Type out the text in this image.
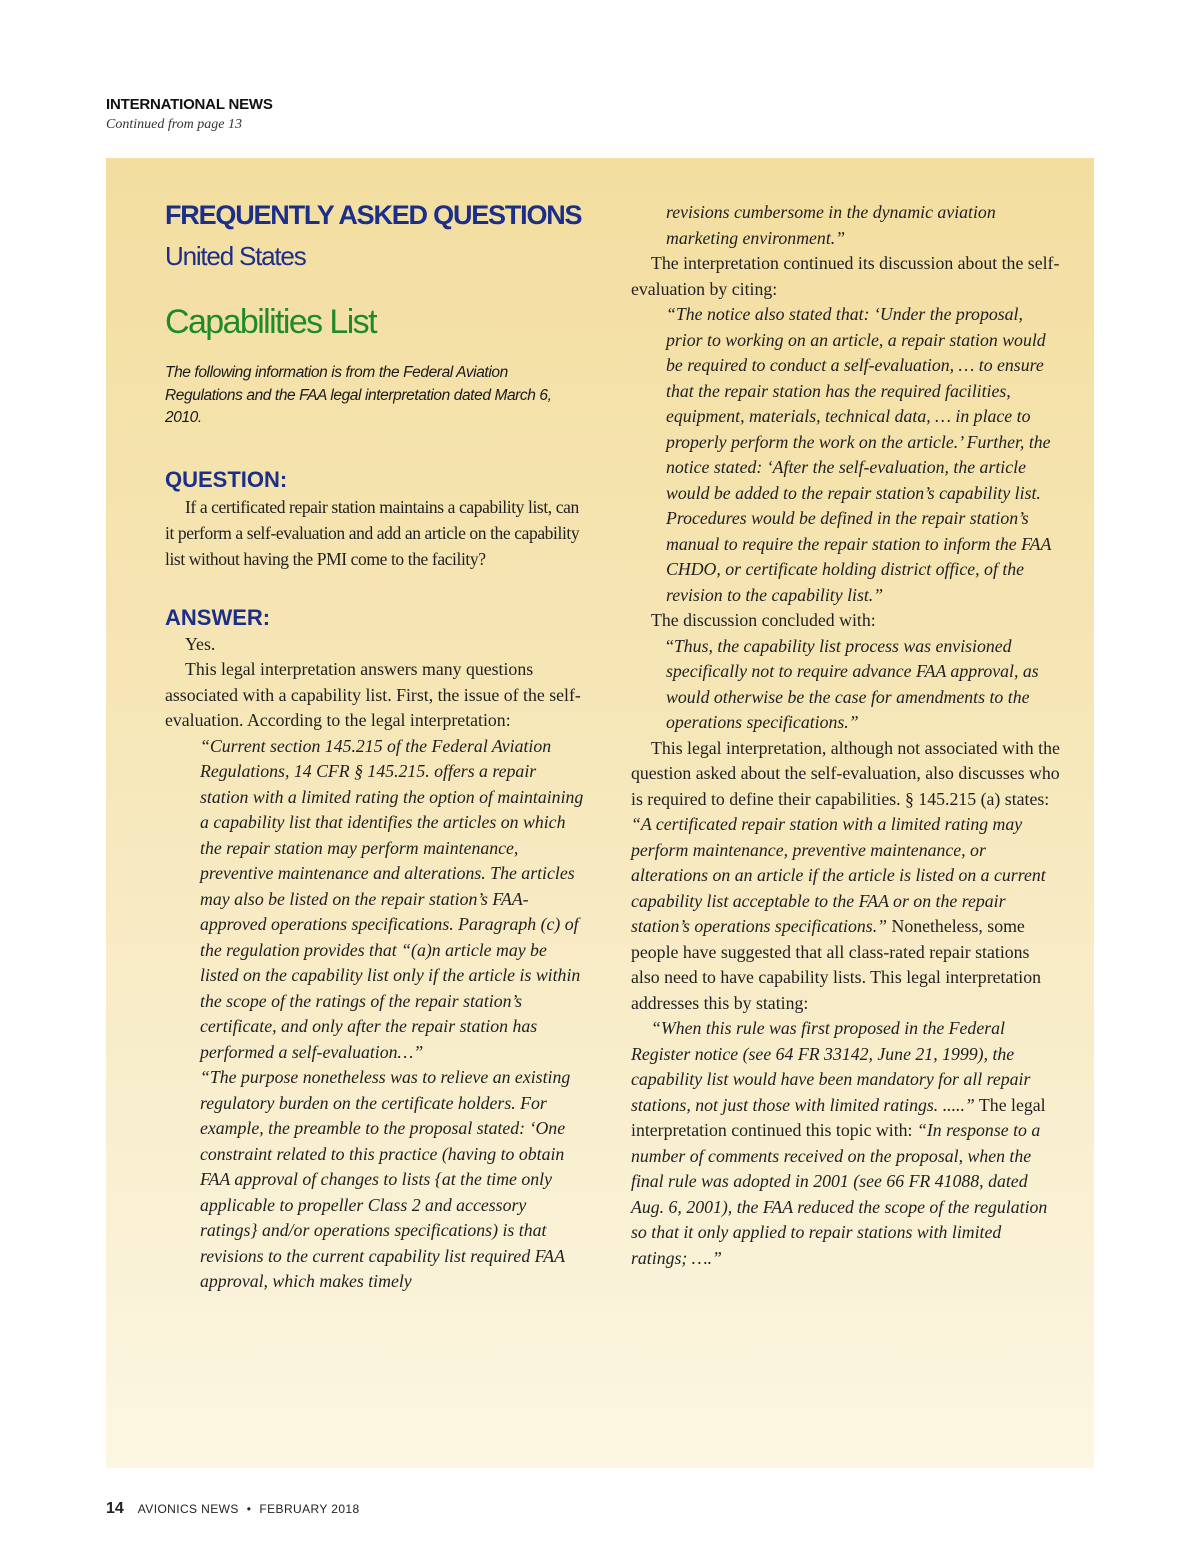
INTERNATIONAL NEWS
Continued from page 13
FREQUENTLY ASKED QUESTIONS
United States
Capabilities List
The following information is from the Federal Aviation Regulations and the FAA legal interpretation dated March 6, 2010.
QUESTION:

If a certificated repair station maintains a capability list, can it perform a self-evaluation and add an article on the capability list without having the PMI come to the facility?

ANSWER:

Yes.

This legal interpretation answers many questions associated with a capability list. First, the issue of the self-evaluation. According to the legal interpretation:

“Current section 145.215 of the Federal Aviation Regulations, 14 CFR § 145.215. offers a repair station with a limited rating the option of maintaining a capability list that identifies the articles on which the repair station may perform maintenance, preventive maintenance and alterations. The articles may also be listed on the repair station’s FAA-approved operations specifications. Paragraph (c) of the regulation provides that “(a)n article may be listed on the capability list only if the article is within the scope of the ratings of the repair station’s certificate, and only after the repair station has performed a self-evaluation…”

“The purpose nonetheless was to relieve an existing regulatory burden on the certificate holders. For example, the preamble to the proposal stated: ‘One constraint related to this practice (having to obtain FAA approval of changes to lists {at the time only applicable to propeller Class 2 and accessory ratings} and/or operations specifications) is that revisions to the current capability list required FAA approval, which makes timely

revisions cumbersome in the dynamic aviation marketing environment.”

The interpretation continued its discussion about the self-evaluation by citing:

“The notice also stated that: ‘Under the proposal, prior to working on an article, a repair station would be required to conduct a self-evaluation, … to ensure that the repair station has the required facilities, equipment, materials, technical data, … in place to properly perform the work on the article.’ Further, the notice stated: ‘After the self-evaluation, the article would be added to the repair station’s capability list. Procedures would be defined in the repair station’s manual to require the repair station to inform the FAA CHDO, or certificate holding district office, of the revision to the capability list.”

The discussion concluded with:

“Thus, the capability list process was envisioned specifically not to require advance FAA approval, as would otherwise be the case for amendments to the operations specifications.”

This legal interpretation, although not associated with the question asked about the self-evaluation, also discusses who is required to define their capabilities. § 145.215 (a) states: “A certificated repair station with a limited rating may perform maintenance, preventive maintenance, or alterations on an article if the article is listed on a current capability list acceptable to the FAA or on the repair station’s operations specifications.” Nonetheless, some people have suggested that all class-rated repair stations also need to have capability lists. This legal interpretation addresses this by stating:

“When this rule was first proposed in the Federal Register notice (see 64 FR 33142, June 21, 1999), the capability list would have been mandatory for all repair stations, not just those with limited ratings. .....” The legal interpretation continued this topic with: “In response to a number of comments received on the proposal, when the final rule was adopted in 2001 (see 66 FR 41088, dated Aug. 6, 2001), the FAA reduced the scope of the regulation so that it only applied to repair stations with limited ratings; ….”

14 AVIONICS NEWS • FEBRUARY 2018
